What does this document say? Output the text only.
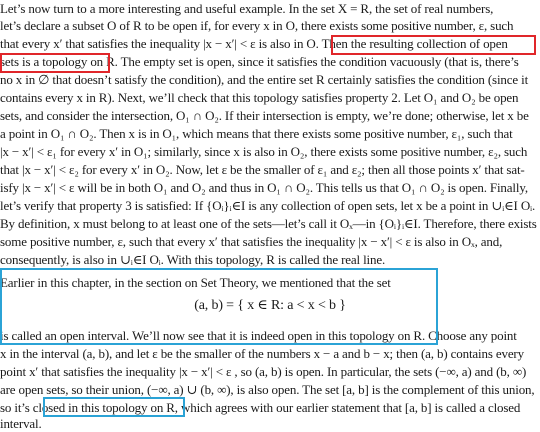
Let’s now turn to a more interesting and useful example. In the set X = R, the set of real numbers,
let’s declare a subset O of R to be open if, for every x in O, there exists some positive number, ε, such
that every x′ that satisfies the inequality |x − x′| < ε is also in O. Then the resulting collection of open
sets is a topology on R. The empty set is open, since it satisfies the condition vacuously (that is, there’s
no x in ∅ that doesn’t satisfy the condition), and the entire set R certainly satisfies the condition (since it
contains every x in R). Next, we’ll check that this topology satisfies property 2. Let O₁ and O₂ be open
sets, and consider the intersection, O₁ ∩ O₂. If their intersection is empty, we’re done; otherwise, let x be
a point in O₁ ∩ O₂. Then x is in O₁, which means that there exists some positive number, ε₁, such that
|x − x′| < ε₁ for every x′ in O₁; similarly, since x is also in O₂, there exists some positive number, ε₂, such
that |x − x′| < ε₂ for every x′ in O₂. Now, let ε be the smaller of ε₁ and ε₂; then all those points x′ that sat-
isfy |x − x′| < ε will be in both O₁ and O₂ and thus in O₁ ∩ O₂. This tells us that O₁ ∩ O₂ is open. Finally,
let’s verify that property 3 is satisfied: If {Oᵢ}ᵢ∈I is any collection of open sets, let x be a point in ∪ᵢ∈I Oᵢ.
By definition, x must belong to at least one of the sets—let’s call it Oₓ—in {Oᵢ}ᵢ∈I. Therefore, there exists
some positive number, ε, such that every x′ that satisfies the inequality |x − x′| < ε is also in Oₓ, and,
consequently, is also in ∪ᵢ∈I Oᵢ. With this topology, R is called the real line.
Earlier in this chapter, in the section on Set Theory, we mentioned that the set
(a, b) = { x ∈ R: a < x < b }
is called an open interval. We’ll now see that it is indeed open in this topology on R. Choose any point
x in the interval (a, b), and let ε be the smaller of the numbers x − a and b − x; then (a, b) contains every
point x′ that satisfies the inequality |x − x′| < ε , so (a, b) is open. In particular, the sets (−∞, a) and (b, ∞)
are open sets, so their union, (−∞, a) ∪ (b, ∞), is also open. The set [a, b] is the complement of this union,
so it’s closed in this topology on R, which agrees with our earlier statement that [a, b] is called a closed
interval.
